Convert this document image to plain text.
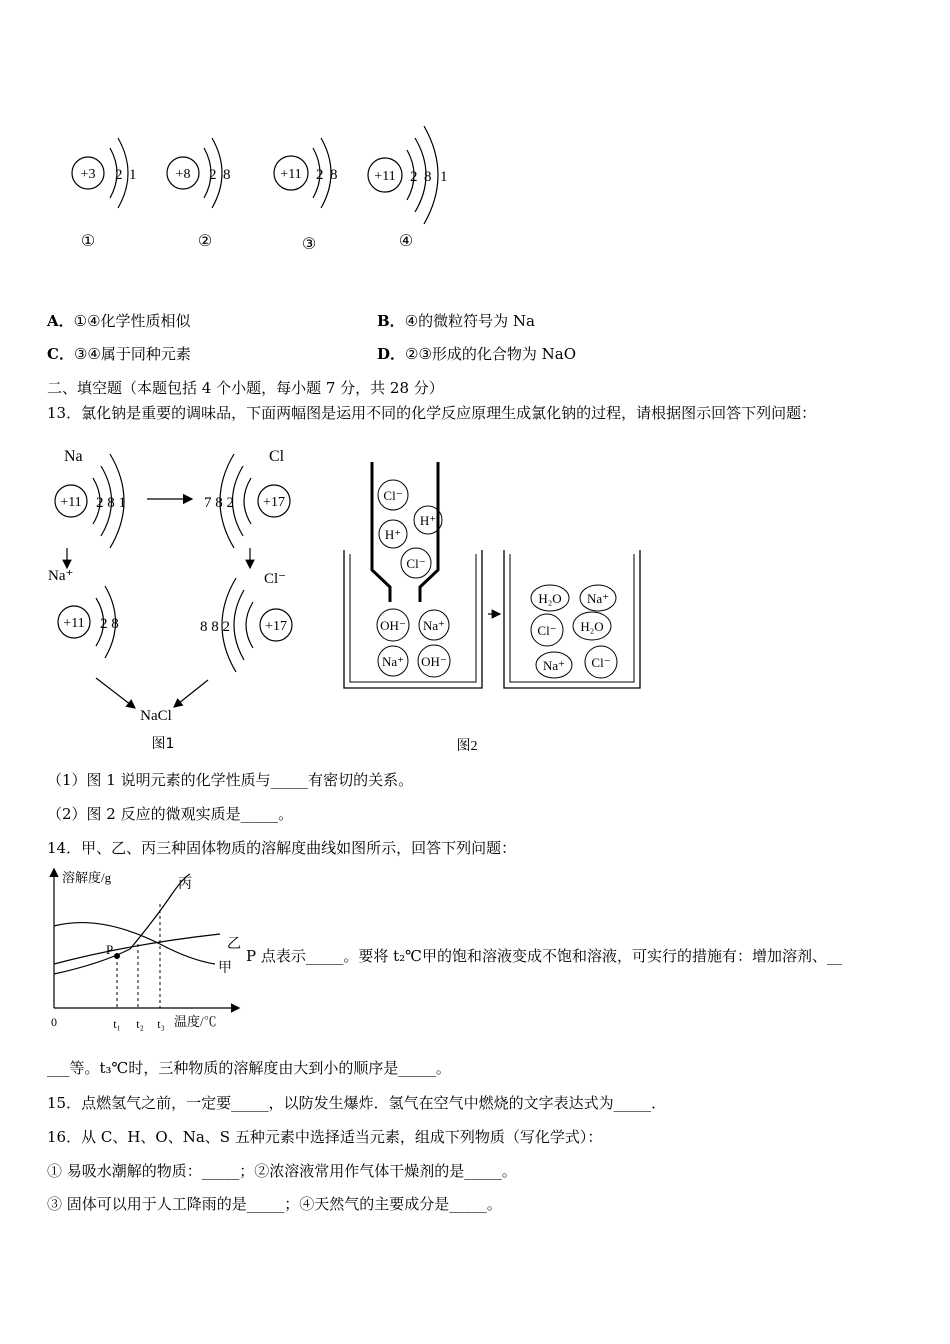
+3 2 1
①
+8 2 8
②
+11 2 8
③
+11 2 8 1
④
A．①④化学性质相似	B．④的微粒符号为 Na
C．③④属于同种元素	D．②③形成的化合物为 NaO
二、填空题（本题包括 4 个小题，每小题 7 分，共 28 分）
13．氯化钠是重要的调味品，下面两幅图是运用不同的化学反应原理生成氯化钠的过程，请根据图示回答下列问题：
Na
+11 2 8 1
Cl
+17
7 8 2
Na⁺	Cl⁻
+11 2 8	+17
8 8 2
NaCl
图1
Cl⁻
H⁺
H⁺
Cl⁻
OH⁻ Na⁺
Na⁺ OH⁻
H₂O Na⁺
Cl⁻ H₂O
Na⁺ Cl⁻
图2
（1）图 1 说明元素的化学性质与_____有密切的关系。
（2）图 2 反应的微观实质是_____。
14．甲、乙、丙三种固体物质的溶解度曲线如图所示，回答下列问题：
溶解度/g
温度/℃
0
P
t₁ t₂ t₃
丙
乙
甲
P 点表示_____。要将 t₂℃甲的饱和溶液变成不饱和溶液，可实行的措施有：增加溶剂、__
___等。t₃℃时，三种物质的溶解度由大到小的顺序是_____。
15．点燃氢气之前，一定要_____，以防发生爆炸．氢气在空气中燃烧的文字表达式为_____．
16．从 C、H、O、Na、S 五种元素中选择适当元素，组成下列物质（写化学式）：
① 易吸水潮解的物质：_____；②浓溶液常用作气体干燥剂的是_____。
③ 固体可以用于人工降雨的是_____；④天然气的主要成分是_____。
